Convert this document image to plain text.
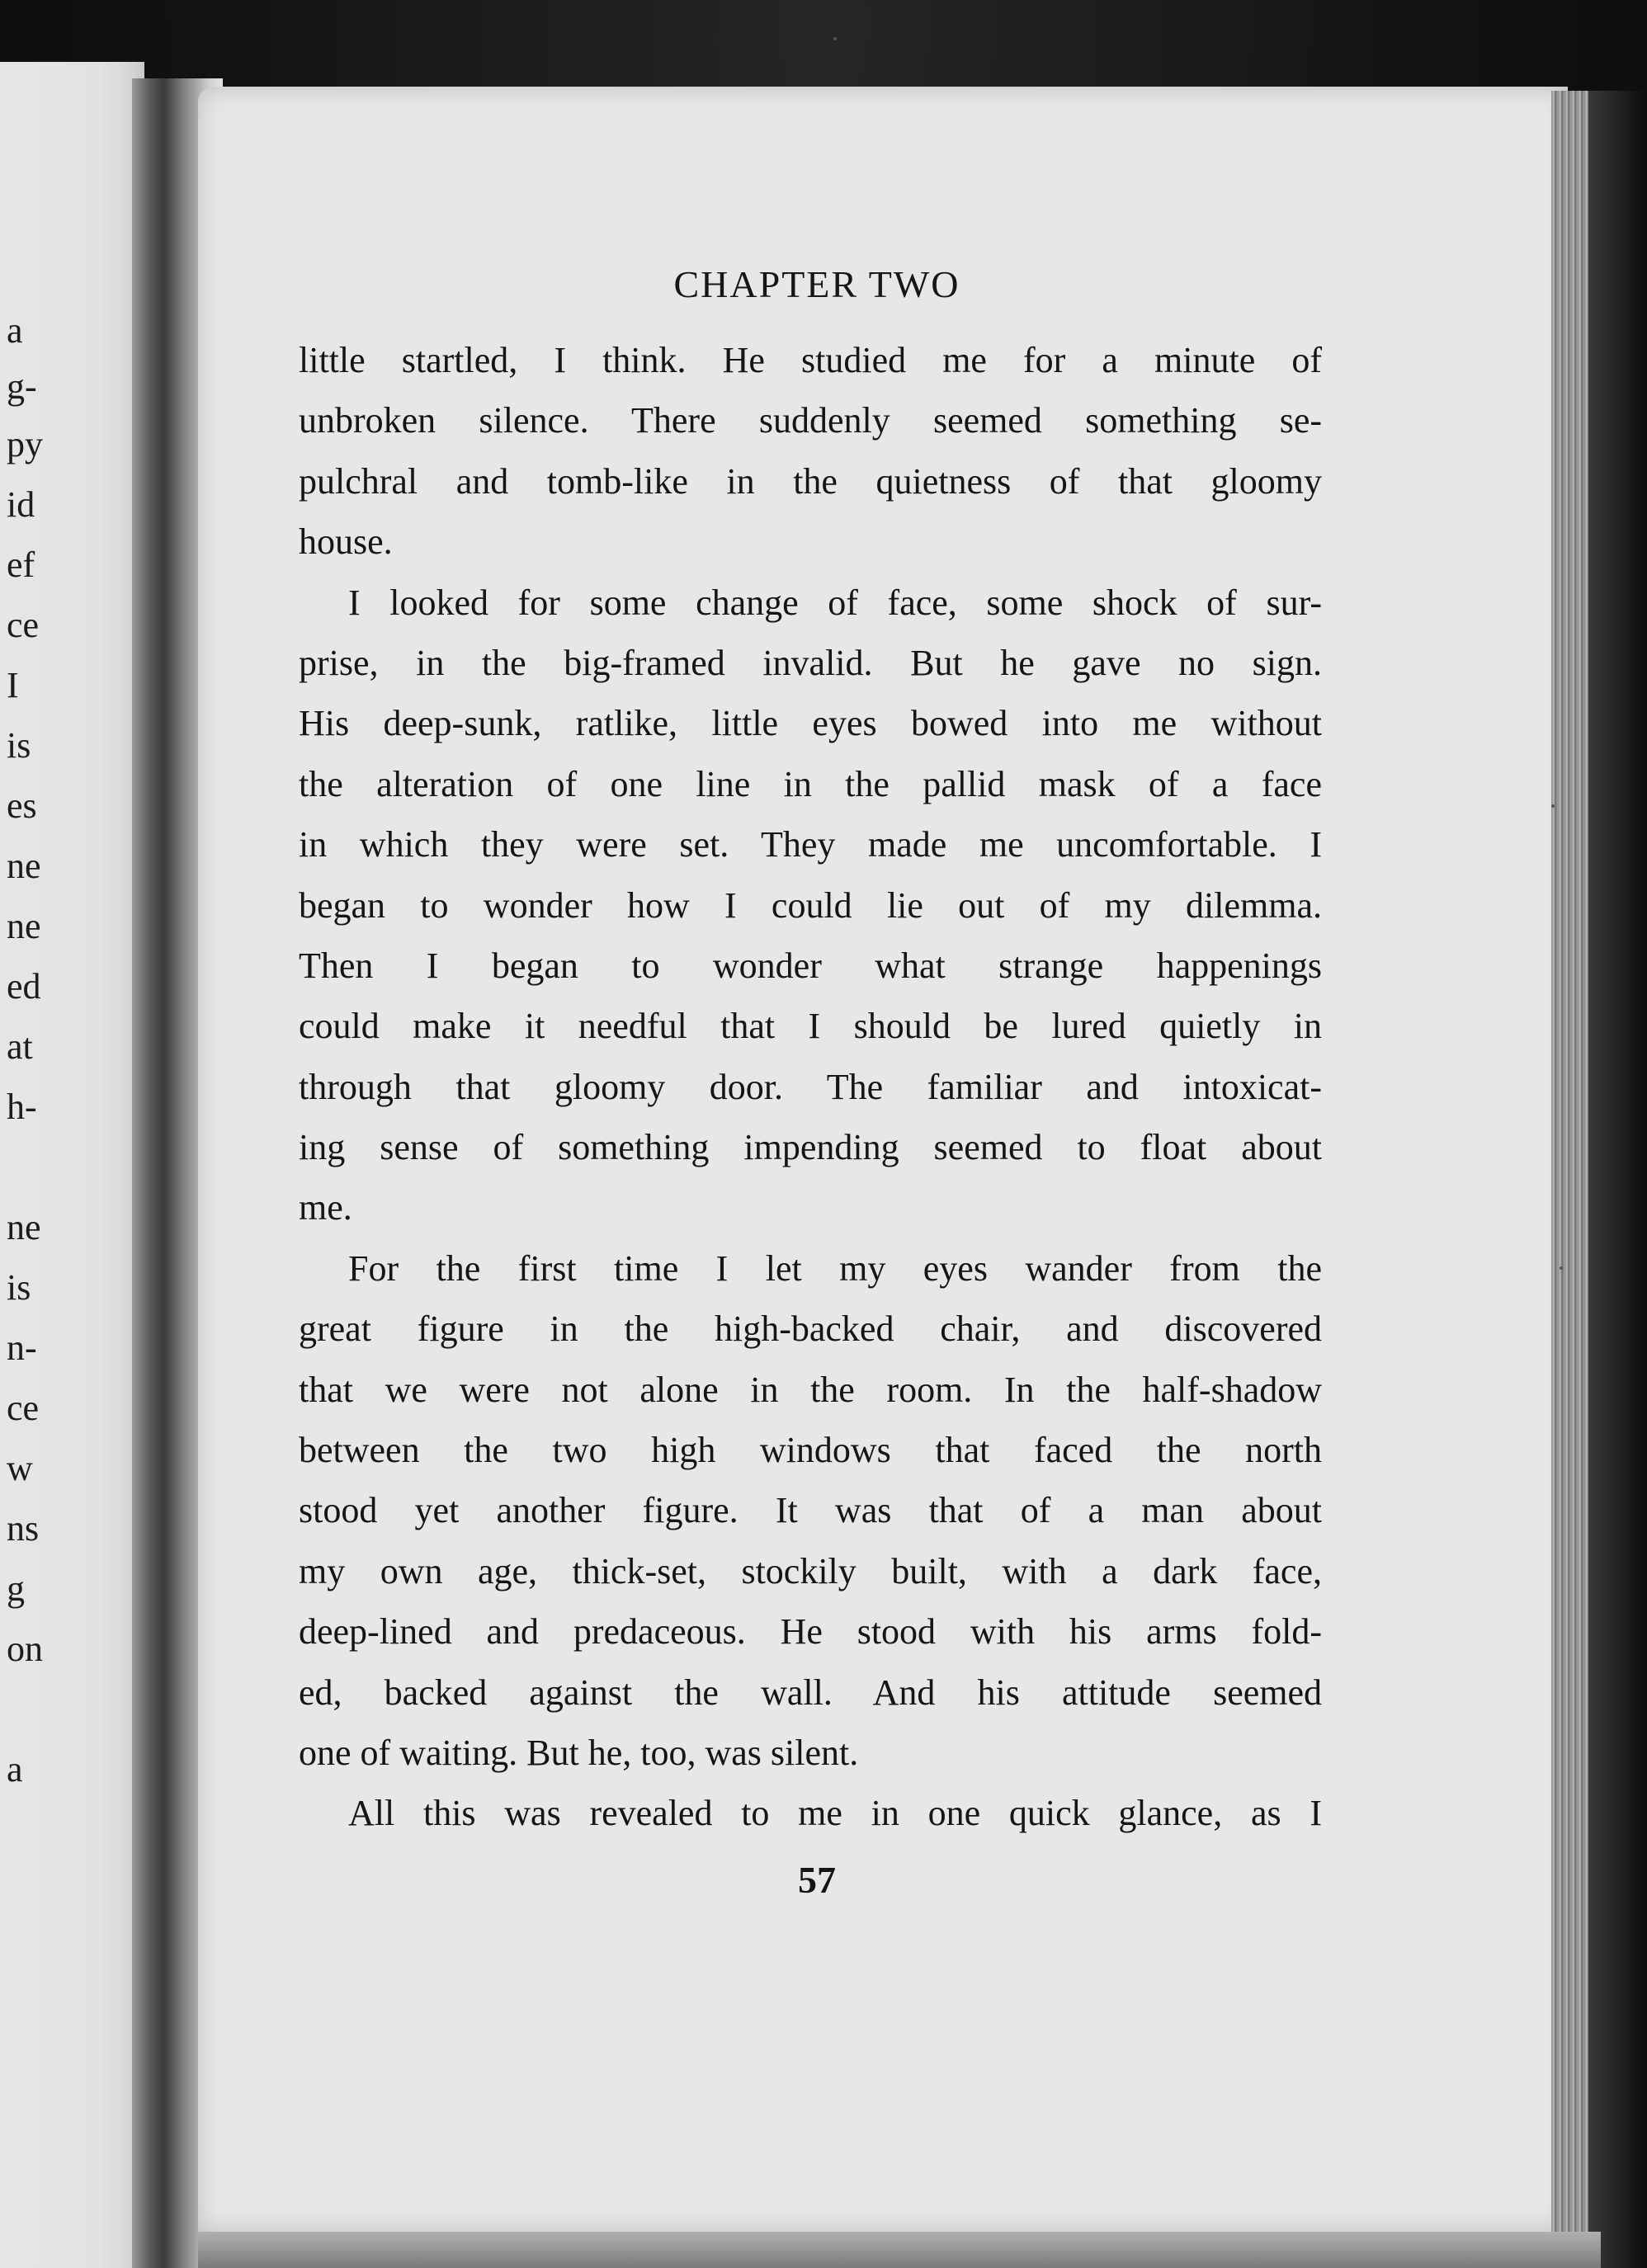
a
g-
py
id
ef
ce
I
is
es
ne
ne
ed
at
h-
ne
is
n-
ce
w
ns
g
on
a
CHAPTER TWO
little startled, I think. He studied me for a minute of
unbroken silence. There suddenly seemed something se-
pulchral and tomb-like in the quietness of that gloomy
house.
I looked for some change of face, some shock of sur-
prise, in the big-framed invalid. But he gave no sign.
His deep-sunk, ratlike, little eyes bowed into me without
the alteration of one line in the pallid mask of a face
in which they were set. They made me uncomfortable. I
began to wonder how I could lie out of my dilemma.
Then I began to wonder what strange happenings
could make it needful that I should be lured quietly in
through that gloomy door. The familiar and intoxicat-
ing sense of something impending seemed to float about
me.
For the first time I let my eyes wander from the
great figure in the high-backed chair, and discovered
that we were not alone in the room. In the half-shadow
between the two high windows that faced the north
stood yet another figure. It was that of a man about
my own age, thick-set, stockily built, with a dark face,
deep-lined and predaceous. He stood with his arms fold-
ed, backed against the wall. And his attitude seemed
one of waiting. But he, too, was silent.
All this was revealed to me in one quick glance, as I
57
